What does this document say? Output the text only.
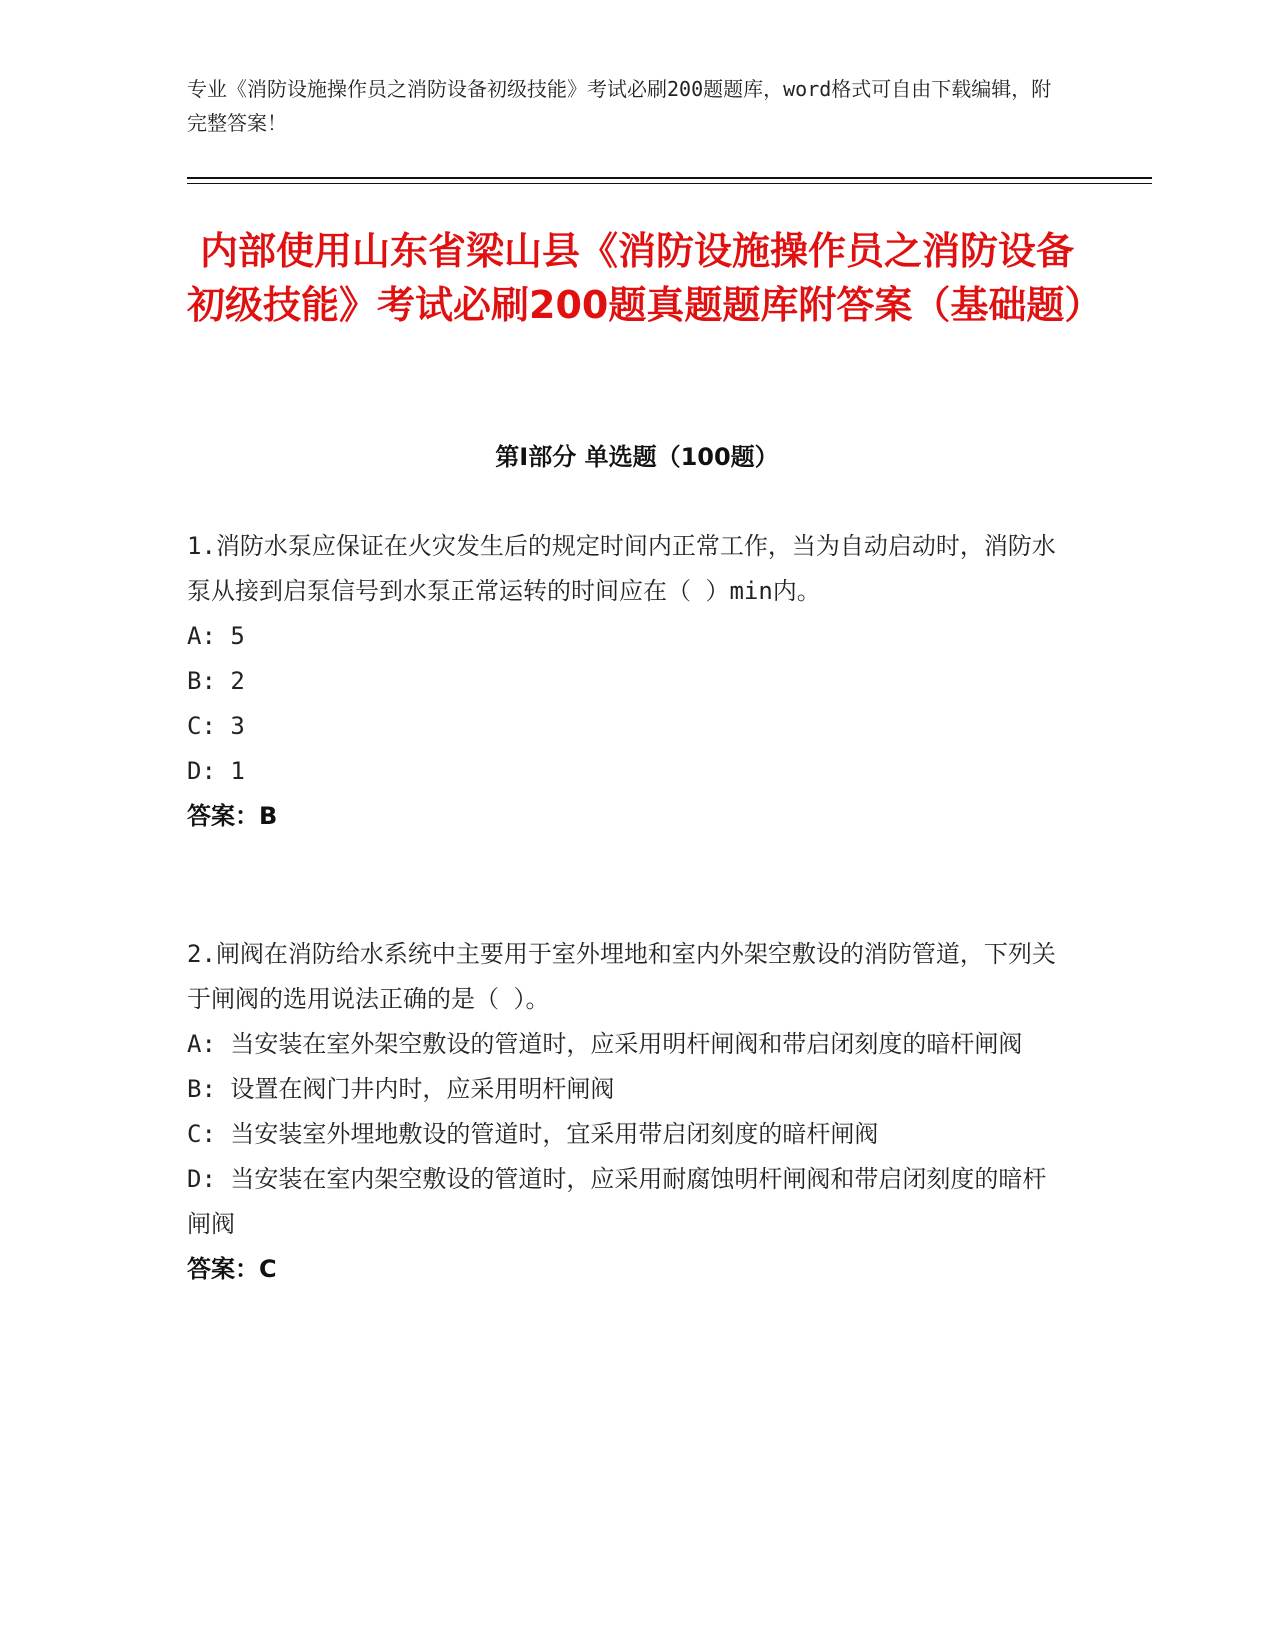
专业《消防设施操作员之消防设备初级技能》考试必刷200题题库，word格式可自由下载编辑，附完整答案！
内部使用山东省梁山县《消防设施操作员之消防设备初级技能》考试必刷200题真题题库附答案（基础题）
第I部分 单选题（100题）
1.消防水泵应保证在火灾发生后的规定时间内正常工作，当为自动启动时，消防水泵从接到启泵信号到水泵正常运转的时间应在（ ）min内。
A: 5
B: 2
C: 3
D: 1
答案：B
2.闸阀在消防给水系统中主要用于室外埋地和室内外架空敷设的消防管道，下列关于闸阀的选用说法正确的是（ ）。
A: 当安装在室外架空敷设的管道时，应采用明杆闸阀和带启闭刻度的暗杆闸阀
B: 设置在阀门井内时，应采用明杆闸阀
C: 当安装室外埋地敷设的管道时，宜采用带启闭刻度的暗杆闸阀
D: 当安装在室内架空敷设的管道时，应采用耐腐蚀明杆闸阀和带启闭刻度的暗杆闸阀
答案：C
